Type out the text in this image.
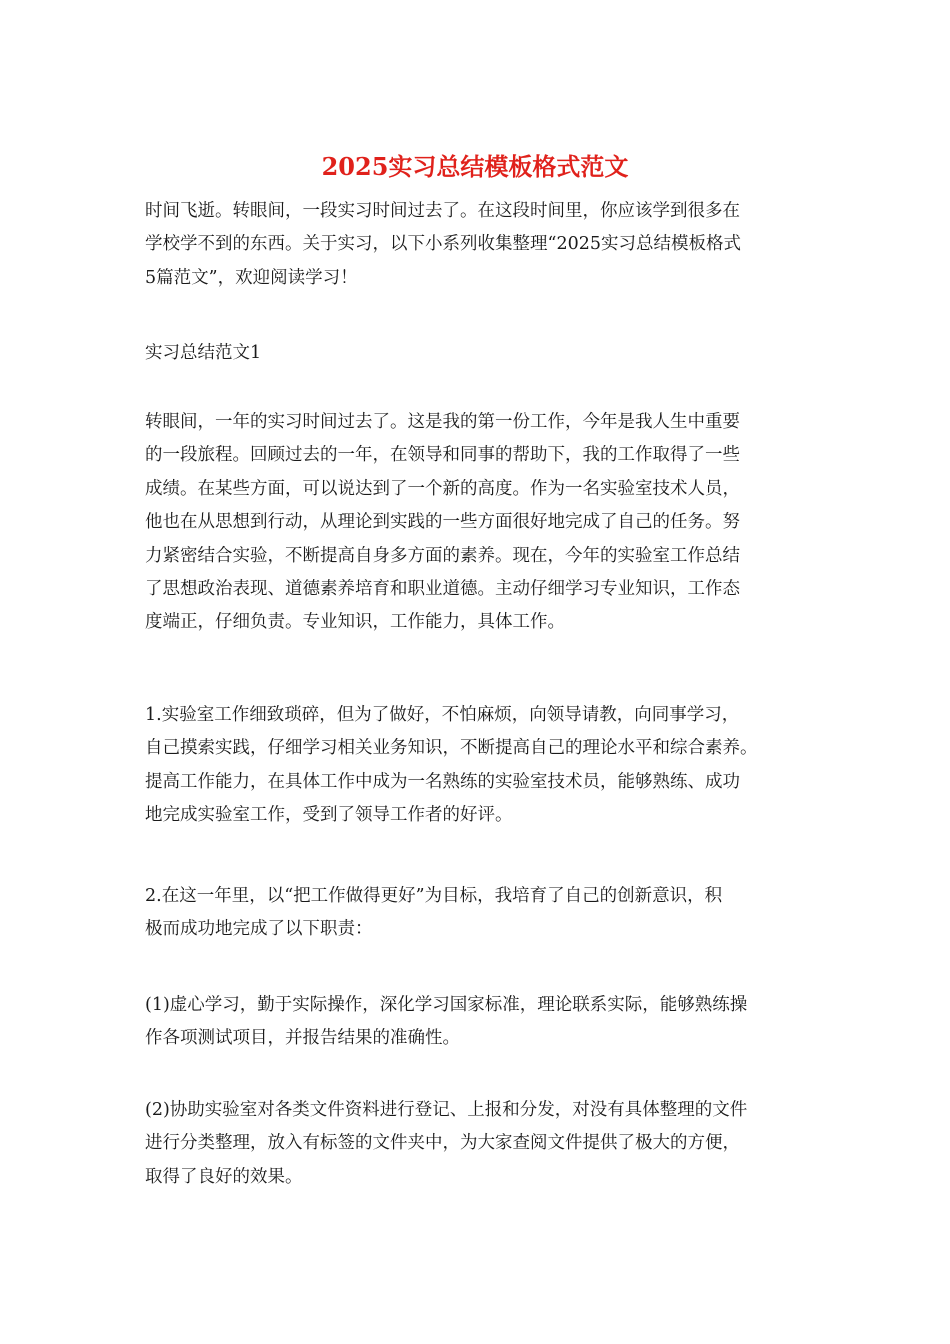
2025实习总结模板格式范文
时间飞逝。转眼间，一段实习时间过去了。在这段时间里，你应该学到很多在
学校学不到的东西。关于实习，以下小系列收集整理“2025实习总结模板格式
5篇范文”，欢迎阅读学习！
实习总结范文1
转眼间，一年的实习时间过去了。这是我的第一份工作，今年是我人生中重要
的一段旅程。回顾过去的一年，在领导和同事的帮助下，我的工作取得了一些
成绩。在某些方面，可以说达到了一个新的高度。作为一名实验室技术人员，
他也在从思想到行动，从理论到实践的一些方面很好地完成了自己的任务。努
力紧密结合实验，不断提高自身多方面的素养。现在，今年的实验室工作总结
了思想政治表现、道德素养培育和职业道德。主动仔细学习专业知识，工作态
度端正，仔细负责。专业知识，工作能力，具体工作。
1.实验室工作细致琐碎，但为了做好，不怕麻烦，向领导请教，向同事学习，
自己摸索实践，仔细学习相关业务知识，不断提高自己的理论水平和综合素养。
提高工作能力，在具体工作中成为一名熟练的实验室技术员，能够熟练、成功
地完成实验室工作，受到了领导工作者的好评。
2.在这一年里，以“把工作做得更好”为目标，我培育了自己的创新意识，积
极而成功地完成了以下职责：
(1)虚心学习，勤于实际操作，深化学习国家标准，理论联系实际，能够熟练操
作各项测试项目，并报告结果的准确性。
(2)协助实验室对各类文件资料进行登记、上报和分发，对没有具体整理的文件
进行分类整理，放入有标签的文件夹中，为大家查阅文件提供了极大的方便，
取得了良好的效果。
